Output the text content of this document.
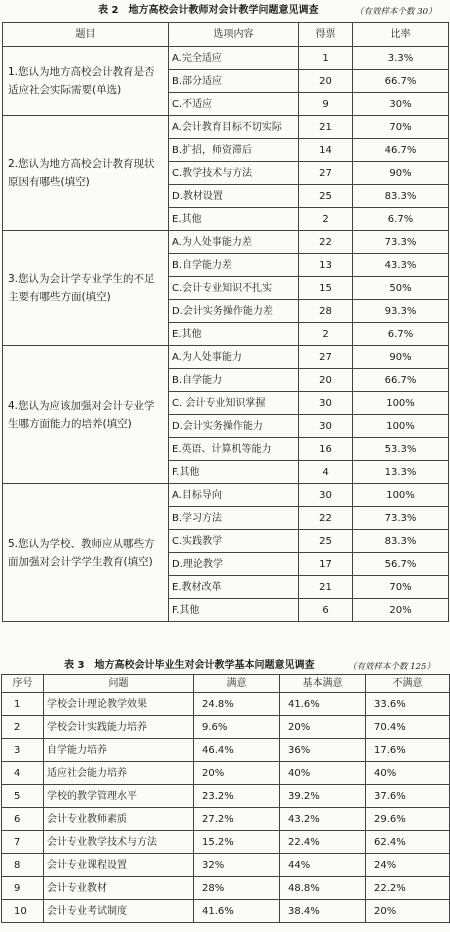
表 2　地方高校会计教师对会计教学问题意见调查	（有效样本个数 30）
题目	选项内容	得票	比率
1.您认为地方高校会计教育是否适应社会实际需要(单选)	A.完全适应	1	3.3%
	B.部分适应	20	66.7%
	C.不适应	9	30%
2.您认为地方高校会计教育现状原因有哪些(填空)	A.会计教育目标不切实际	21	70%
	B.扩招，师资滞后	14	46.7%
	C.教学技术与方法	27	90%
	D.教材设置	25	83.3%
	E.其他	2	6.7%
3.您认为会计学专业学生的不足主要有哪些方面(填空)	A.为人处事能力差	22	73.3%
	B.自学能力差	13	43.3%
	C.会计专业知识不扎实	15	50%
	D.会计实务操作能力差	28	93.3%
	E.其他	2	6.7%
4.您认为应该加强对会计专业学生哪方面能力的培养(填空)	A.为人处事能力	27	90%
	B.自学能力	20	66.7%
	C. 会计专业知识掌握	30	100%
	D.会计实务操作能力	30	100%
	E.英语、计算机等能力	16	53.3%
	F.其他	4	13.3%
5.您认为学校、教师应从哪些方面加强对会计学学生教育(填空)	A.目标导向	30	100%
	B.学习方法	22	73.3%
	C.实践教学	25	83.3%
	D.理论教学	17	56.7%
	E.教材改革	21	70%
	F.其他	6	20%
表 3　地方高校会计毕业生对会计教学基本问题意见调查	（有效样本个数 125）
序号	问题	满意	基本满意	不满意
1	学校会计理论教学效果	24.8%	41.6%	33.6%
2	学校会计实践能力培养	9.6%	20%	70.4%
3	自学能力培养	46.4%	36%	17.6%
4	适应社会能力培养	20%	40%	40%
5	学校的教学管理水平	23.2%	39.2%	37.6%
6	会计专业教师素质	27.2%	43.2%	29.6%
7	会计专业教学技术与方法	15.2%	22.4%	62.4%
8	会计专业课程设置	32%	44%	24%
9	会计专业教材	28%	48.8%	22.2%
10	会计专业考试制度	41.6%	38.4%	20%
